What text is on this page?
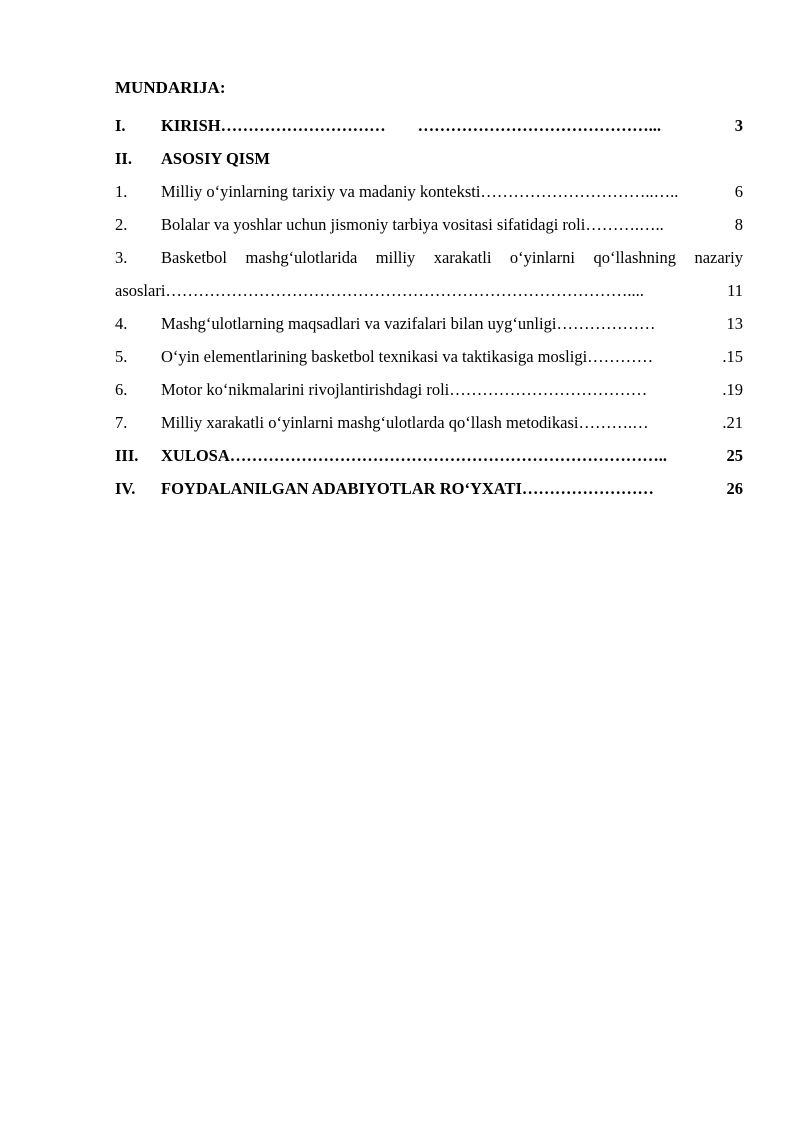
MUNDARIJA:
I.	KIRISH ………………………… ……………………………………...	3
II.	ASOSIY QISM
1.	Milliy o‘yinlarning tarixiy va madaniy konteksti…………………………..…..	6
2.	Bolalar va yoshlar uchun jismoniy tarbiya vositasi sifatidagi roli……….…..	8
3.	Basketbol mashg‘ulotlarida milliy xarakatli o‘yinlarni qo‘llashning nazariy
asoslari…………………………………………………………………………....	11
4.	Mashg‘ulotlarning maqsadlari va vazifalari bilan uyg‘unligi………………	13
5.	O‘yin elementlarining basketbol texnikasi va taktikasiga mosligi…………	.15
6.	Motor ko‘nikmalarini rivojlantirishdagi roli………………………………	.19
7.	Milliy xarakatli o‘yinlarni mashg‘ulotlarda qo‘llash metodikasi……….…	.21
III.	XULOSA……………………………………………………………………..	25
IV.	FOYDALANILGAN ADABIYOTLAR RO‘YXATI……………………	26
